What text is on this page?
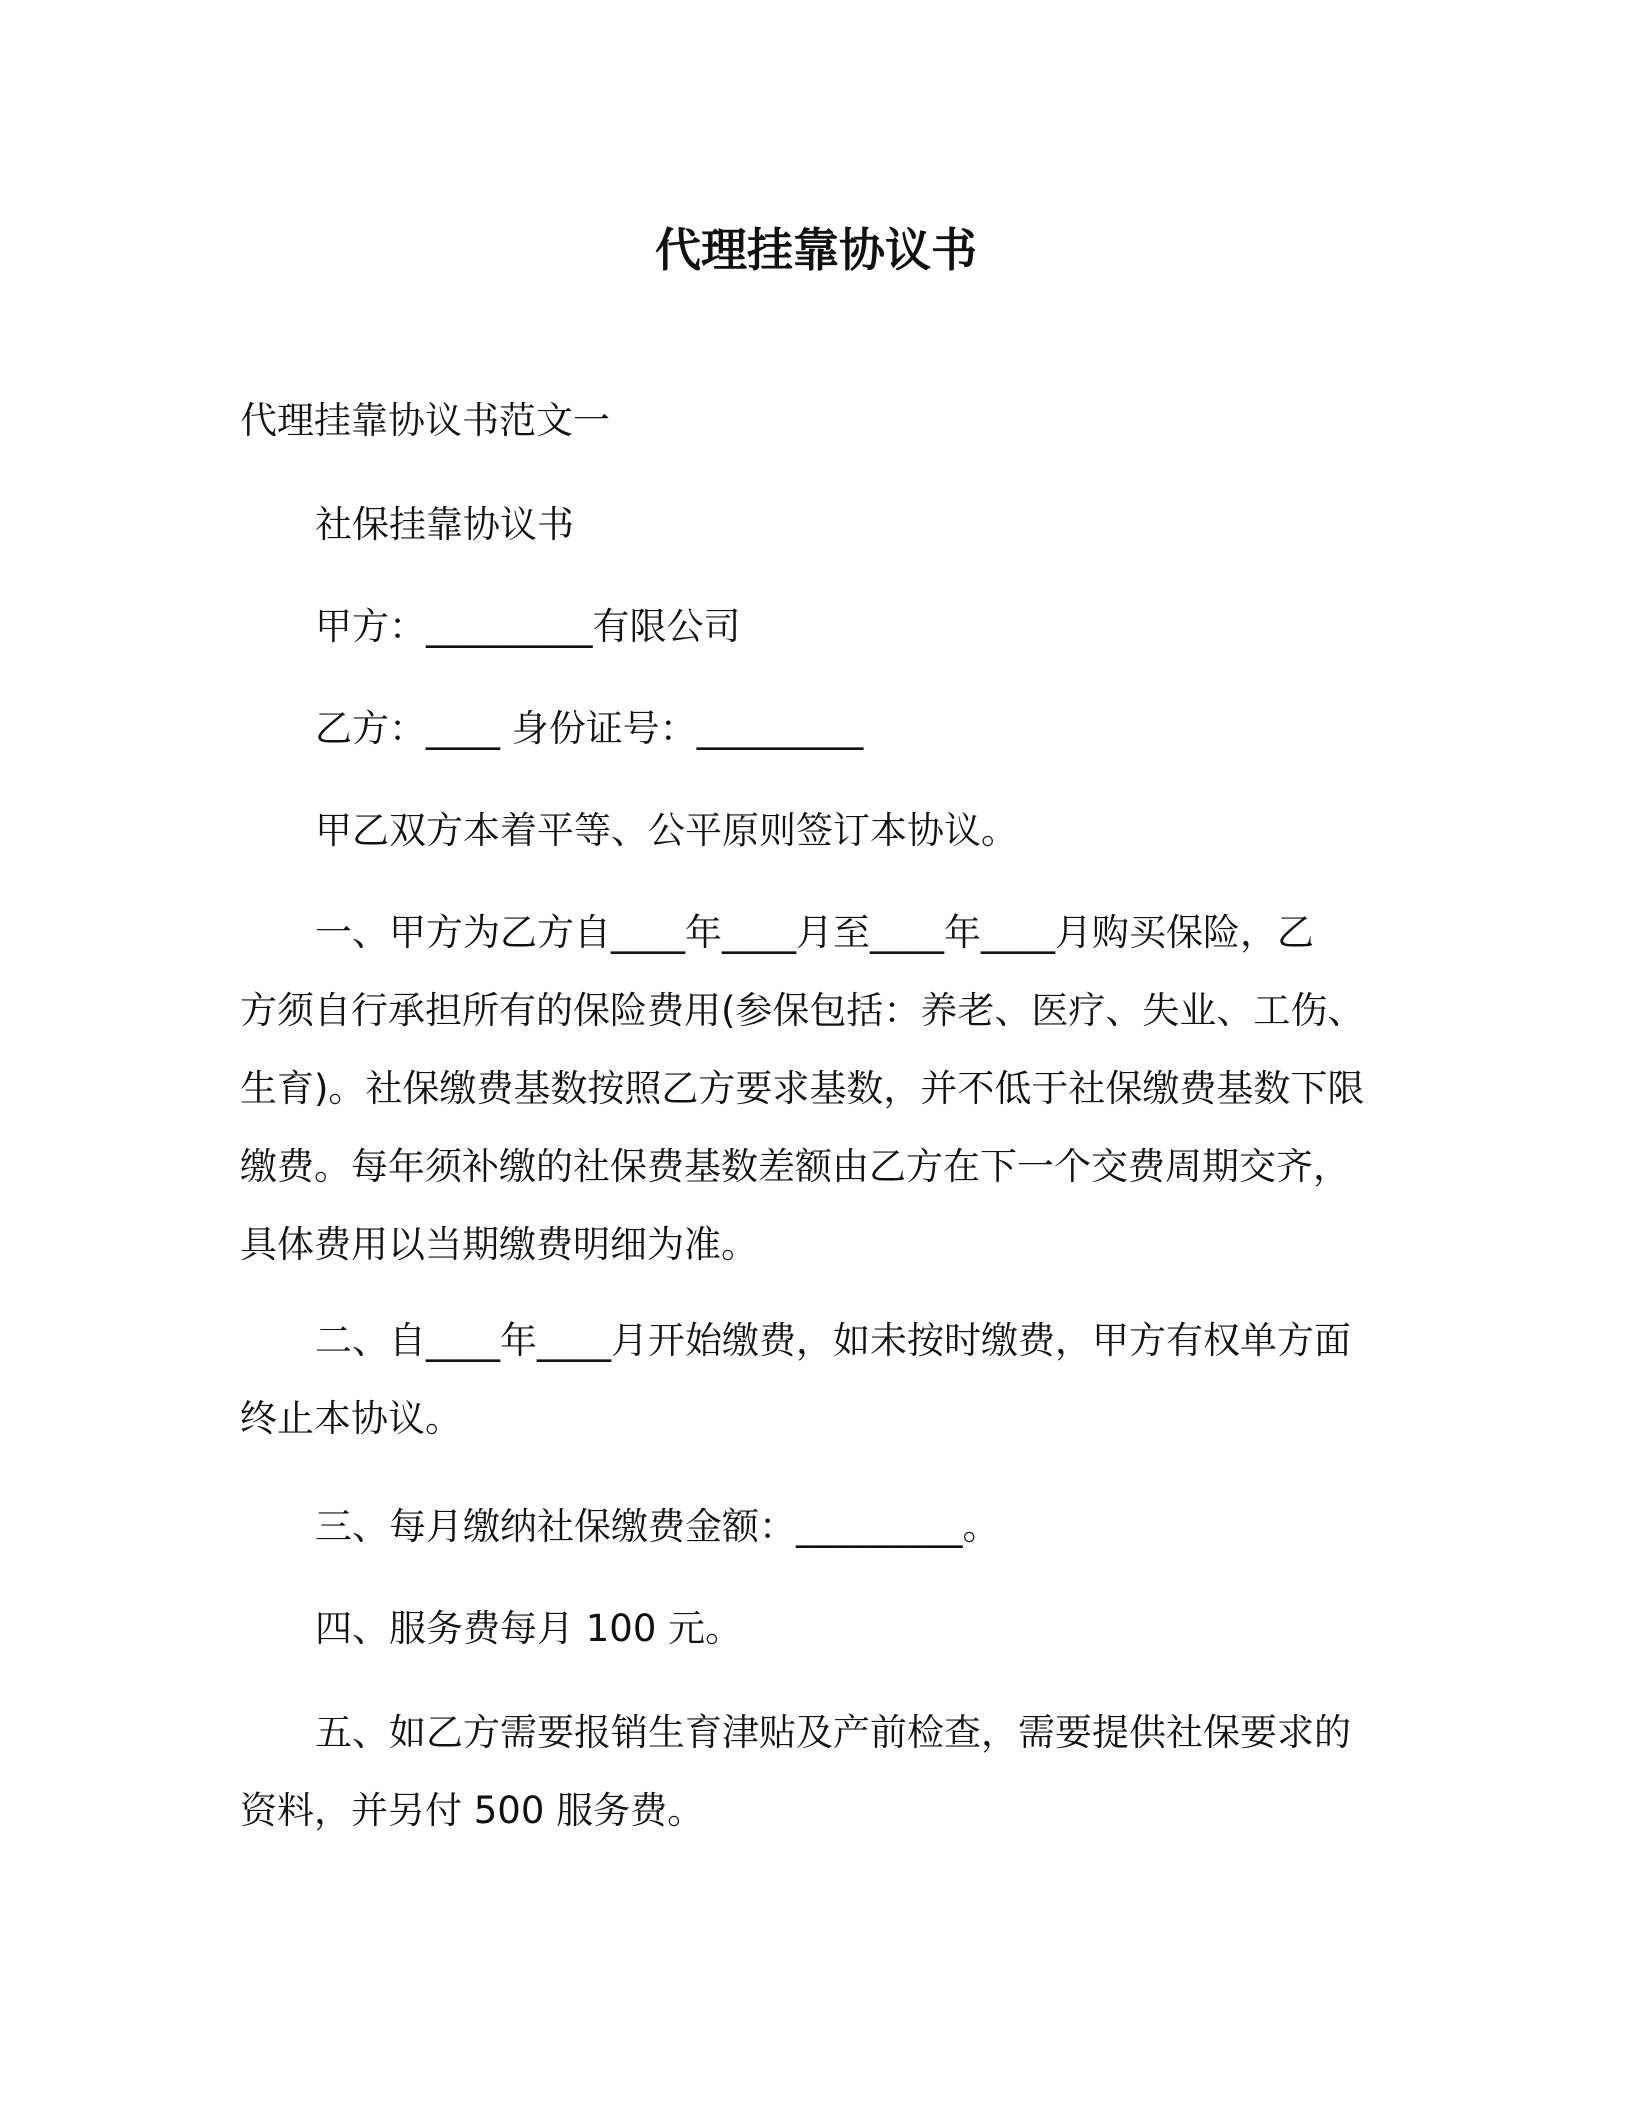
代理挂靠协议书

代理挂靠协议书范文一

社保挂靠协议书

甲方：_________有限公司

乙方：____ 身份证号：_________

甲乙双方本着平等、公平原则签订本协议。

一、甲方为乙方自____年____月至____年____月购买保险，乙
方须自行承担所有的保险费用(参保包括：养老、医疗、失业、工伤、
生育)。社保缴费基数按照乙方要求基数，并不低于社保缴费基数下限
缴费。每年须补缴的社保费基数差额由乙方在下一个交费周期交齐，
具体费用以当期缴费明细为准。
二、自____年____月开始缴费，如未按时缴费，甲方有权单方面
终止本协议。

三、每月缴纳社保缴费金额：_________。

四、服务费每月 100 元。

五、如乙方需要报销生育津贴及产前检查，需要提供社保要求的
资料，并另付 500 服务费。
